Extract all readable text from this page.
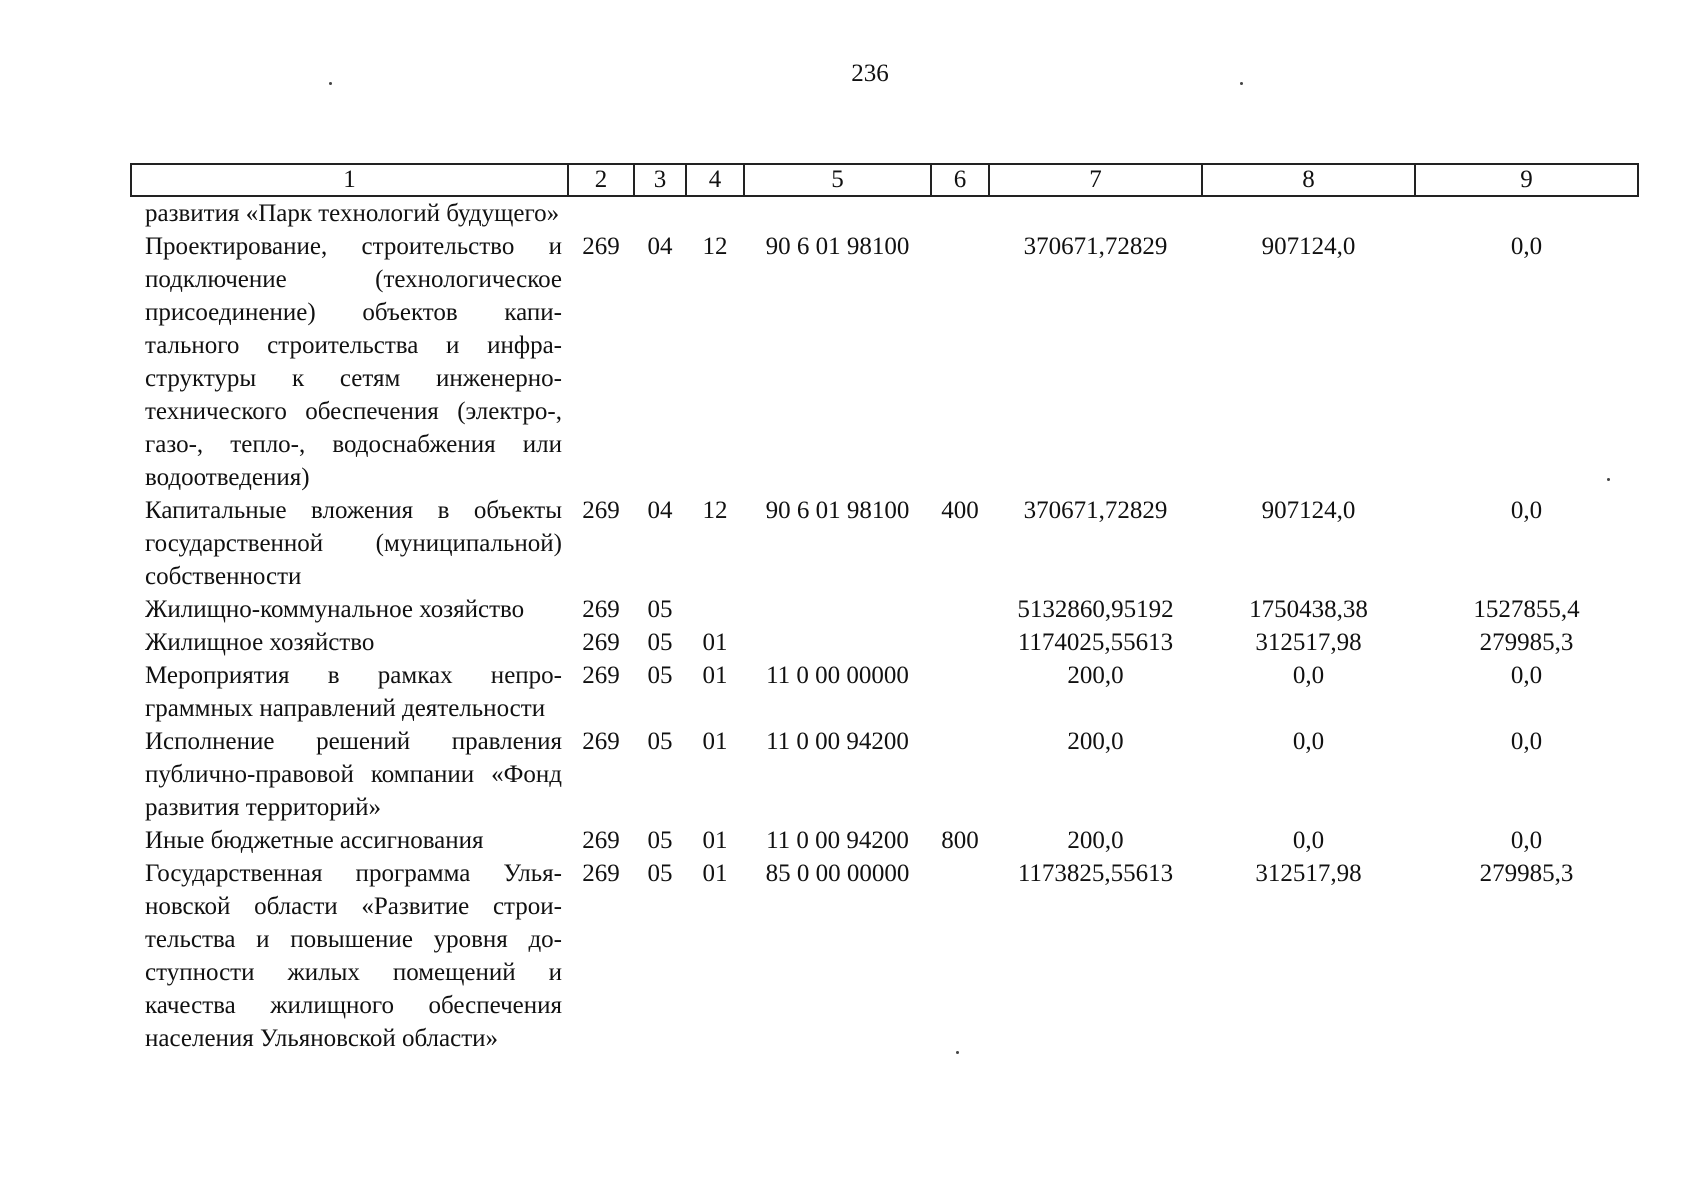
236
1	2	3	4	5	6	7	8	9
развития «Парк технологий будущего»								
Проектирование, строительство и подключение (технологическое присоединение) объектов капитального строительства и инфраструктуры к сетям инженерно-технического обеспечения (электро-, газо-, тепло-, водоснабжения или водоотведения)	269	04	12	90 6 01 98100		370671,72829	907124,0	0,0
Капитальные вложения в объекты государственной (муниципальной) собственности	269	04	12	90 6 01 98100	400	370671,72829	907124,0	0,0
Жилищно-коммунальное хозяйство	269	05				5132860,95192	1750438,38	1527855,4
Жилищное хозяйство	269	05	01			1174025,55613	312517,98	279985,3
Мероприятия в рамках непрограммных направлений деятельности	269	05	01	11 0 00 00000		200,0	0,0	0,0
Исполнение решений правления публично-правовой компании «Фонд развития территорий»	269	05	01	11 0 00 94200		200,0	0,0	0,0
Иные бюджетные ассигнования	269	05	01	11 0 00 94200	800	200,0	0,0	0,0
Государственная программа Ульяновской области «Развитие строительства и повышение уровня доступности жилых помещений и качества жилищного обеспечения населения Ульяновской области»	269	05	01	85 0 00 00000		1173825,55613	312517,98	279985,3
